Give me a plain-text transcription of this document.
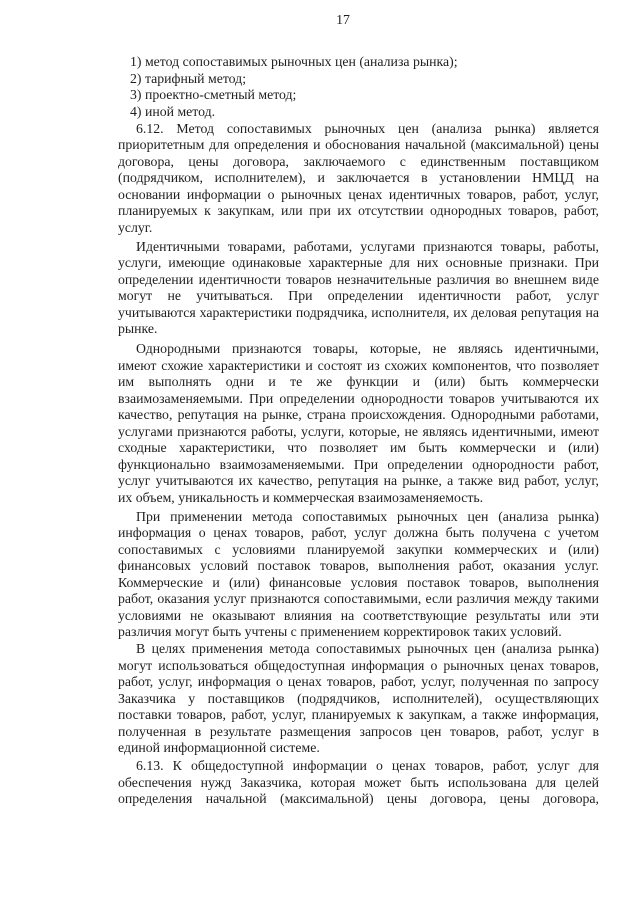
17
1) метод сопоставимых рыночных цен (анализа рынка);
2) тарифный метод;
3) проектно-сметный метод;
4) иной метод.
6.12. Метод сопоставимых рыночных цен (анализа рынка) является
приоритетным для определения и обоснования начальной (максимальной) цены
договора, цены договора, заключаемого с единственным поставщиком
(подрядчиком, исполнителем), и заключается в установлении НМЦД на
основании информации о рыночных ценах идентичных товаров, работ, услуг,
планируемых к закупкам, или при их отсутствии однородных товаров, работ,
услуг.
Идентичными товарами, работами, услугами признаются товары, работы,
услуги, имеющие одинаковые характерные для них основные признаки. При
определении идентичности товаров незначительные различия во внешнем виде
могут не учитываться. При определении идентичности работ, услуг
учитываются характеристики подрядчика, исполнителя, их деловая репутация на
рынке.
Однородными признаются товары, которые, не являясь идентичными,
имеют схожие характеристики и состоят из схожих компонентов, что позволяет
им выполнять одни и те же функции и (или) быть коммерчески
взаимозаменяемыми. При определении однородности товаров учитываются их
качество, репутация на рынке, страна происхождения. Однородными работами,
услугами признаются работы, услуги, которые, не являясь идентичными, имеют
сходные характеристики, что позволяет им быть коммерчески и (или)
функционально взаимозаменяемыми. При определении однородности работ,
услуг учитываются их качество, репутация на рынке, а также вид работ, услуг,
их объем, уникальность и коммерческая взаимозаменяемость.
При применении метода сопоставимых рыночных цен (анализа рынка)
информация о ценах товаров, работ, услуг должна быть получена с учетом
сопоставимых с условиями планируемой закупки коммерческих и (или)
финансовых условий поставок товаров, выполнения работ, оказания услуг.
Коммерческие и (или) финансовые условия поставок товаров, выполнения
работ, оказания услуг признаются сопоставимыми, если различия между такими
условиями не оказывают влияния на соответствующие результаты или эти
различия могут быть учтены с применением корректировок таких условий.
В целях применения метода сопоставимых рыночных цен (анализа рынка)
могут использоваться общедоступная информация о рыночных ценах товаров,
работ, услуг, информация о ценах товаров, работ, услуг, полученная по запросу
Заказчика у поставщиков (подрядчиков, исполнителей), осуществляющих
поставки товаров, работ, услуг, планируемых к закупкам, а также информация,
полученная в результате размещения запросов цен товаров, работ, услуг в
единой информационной системе.
6.13. К общедоступной информации о ценах товаров, работ, услуг для
обеспечения нужд Заказчика, которая может быть использована для целей
определения начальной (максимальной) цены договора, цены договора,
